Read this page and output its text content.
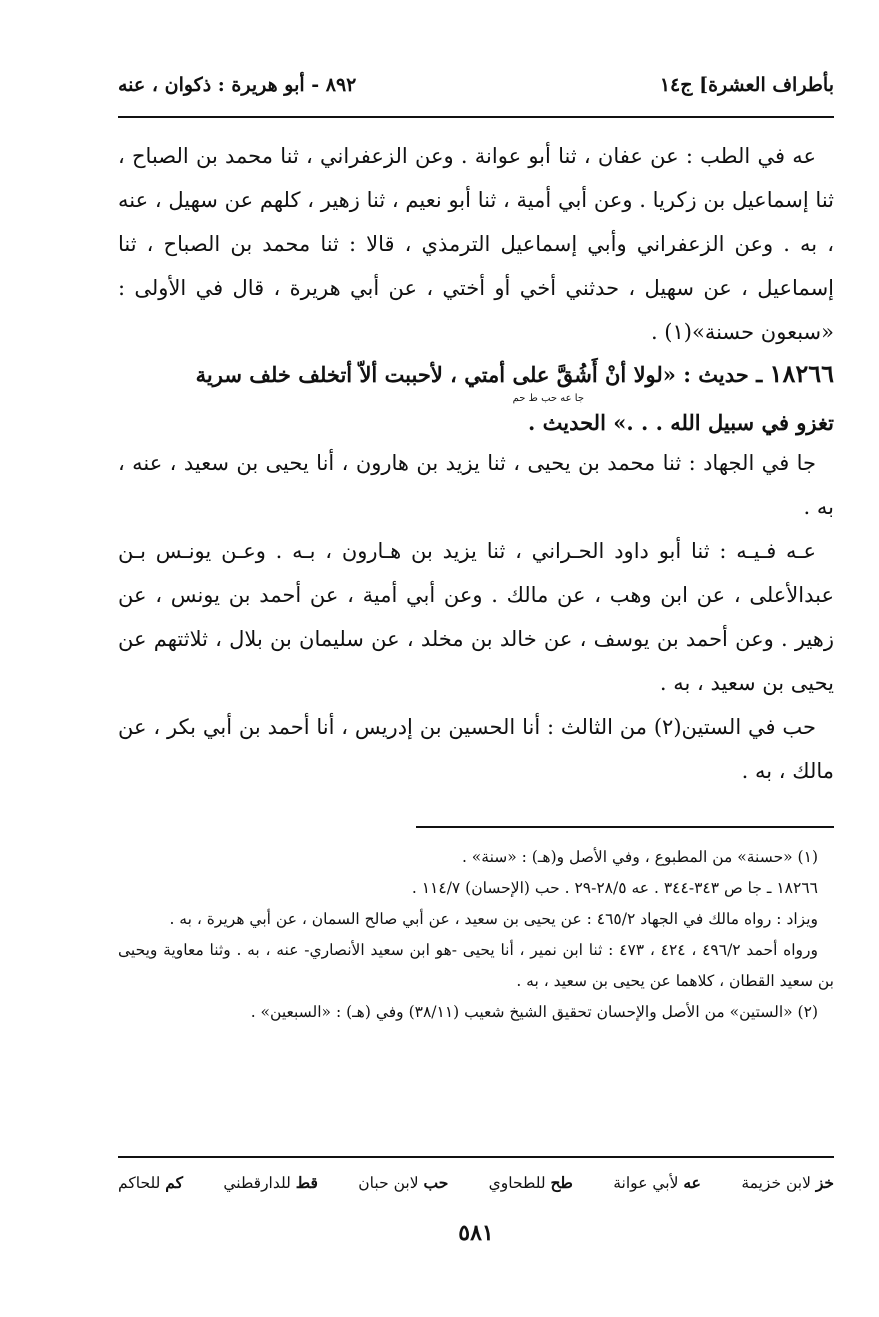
بأطراف العشرة] ج١٤
٨٩٢ - أبو هريرة : ذكوان ، عنه

عه في الطب : عن عفان ، ثنا أبو عوانة . وعن الزعفراني ، ثنا محمد بن الصباح ، ثنا إسماعيل بن زكريا . وعن أبي أمية ، ثنا أبو نعيم ، ثنا زهير ، كلهم عن سهيل ، عنه ، به . وعن الزعفراني وأبي إسماعيل الترمذي ، قالا : ثنا محمد بن الصباح ، ثنا إسماعيل ، عن سهيل ، حدثني أخي أو أختي ، عن أبي هريرة ، قال في الأولى : «سبعون حسنة»(١) .

١٨٢٦٦ ـ حديث : «لولا أنْ أَشُقَّ على أمتي ، لأحببت ألاّ أتخلف خلف سرية
جا عه حب ط حم
تغزو في سبيل الله . . .» الحديث .

جا في الجهاد : ثنا محمد بن يحيى ، ثنا يزيد بن هارون ، أنا يحيى بن سعيد ، عنه ، به .

عـه فـيـه : ثنا أبو داود الحـراني ، ثنا يزيد بن هـارون ، بـه . وعـن يونـس بـن عبدالأعلى ، عن ابن وهب ، عن مالك . وعن أبي أمية ، عن أحمد بن يونس ، عن زهير . وعن أحمد بن يوسف ، عن خالد بن مخلد ، عن سليمان بن بلال ، ثلاثتهم عن يحيى بن سعيد ، به .

حب في الستين(٢) من الثالث : أنا الحسين بن إدريس ، أنا أحمد بن أبي بكر ، عن مالك ، به .

(١) «حسنة» من المطبوع ، وفي الأصل و(هـ) : «سنة» .

١٨٢٦٦ ـ جا ص ٣٤٣-٣٤٤ . عه ٢٨/٥-٢٩ . حب (الإحسان) ١١٤/٧ .

ويزاد : رواه مالك في الجهاد ٤٦٥/٢ : عن يحيى بن سعيد ، عن أبي صالح السمان ، عن أبي هريرة ، به .

ورواه أحمد ٤٩٦/٢ ، ٤٢٤ ، ٤٧٣ : ثنا ابن نمير ، أنا يحيى -هو ابن سعيد الأنصاري- عنه ، به . وثنا معاوية ويحيى بن سعيد القطان ، كلاهما عن يحيى بن سعيد ، به .

(٢) «الستين» من الأصل والإحسان تحقيق الشيخ شعيب (٣٨/١١) وفي (هـ) : «السبعين» .

خز لابن خزيمة
عه لأبي عوانة
طح للطحاوي
حب لابن حبان
قط للدارقطني
كم للحاكم
٥٨١
